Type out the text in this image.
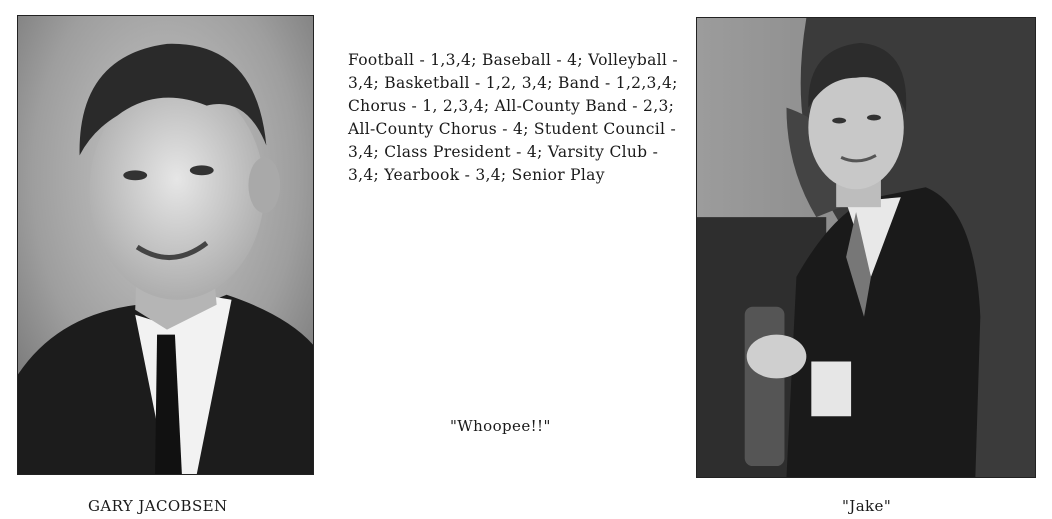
Football - 1,3,4; Baseball - 4; Volleyball - 3,4; Basketball - 1,2, 3,4; Band - 1,2,3,4; Chorus - 1, 2,3,4; All-County Band - 2,3; All-County Chorus - 4; Student Council - 3,4; Class President - 4; Varsity Club - 3,4; Yearbook - 3,4; Senior Play
"Whoopee!!"
GARY JACOBSEN	"Jake"
